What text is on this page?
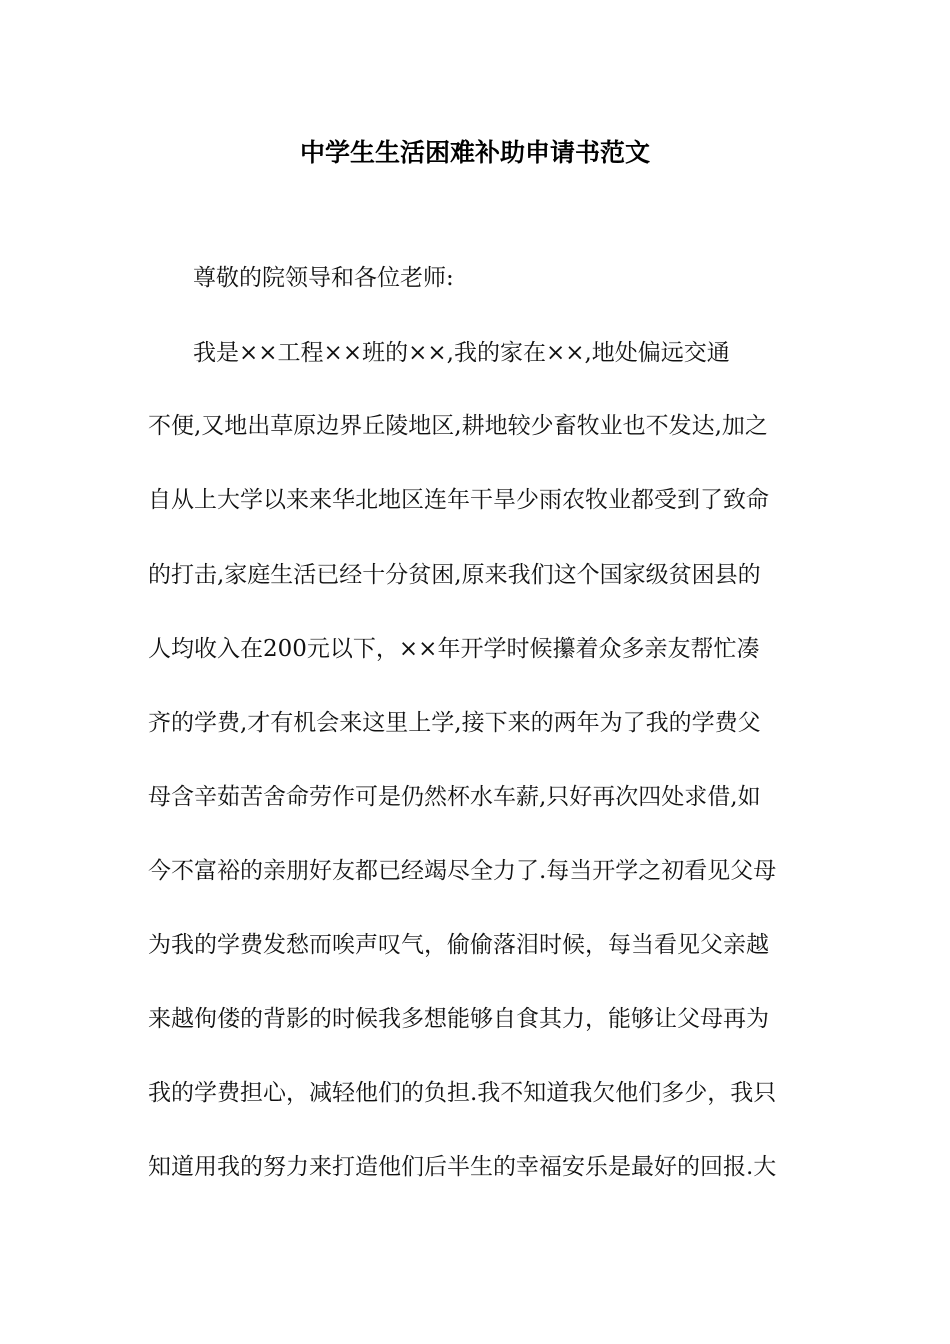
中学生生活困难补助申请书范文
尊敬的院领导和各位老师:
我是××工程××班的××,我的家在××,地处偏远交通
不便,又地出草原边界丘陵地区,耕地较少畜牧业也不发达,加之
自从上大学以来来华北地区连年干旱少雨农牧业都受到了致命
的打击,家庭生活已经十分贫困,原来我们这个国家级贫困县的
人均收入在200元以下，××年开学时候攥着众多亲友帮忙凑
齐的学费,才有机会来这里上学,接下来的两年为了我的学费父
母含辛茹苦舍命劳作可是仍然杯水车薪,只好再次四处求借,如
今不富裕的亲朋好友都已经竭尽全力了.每当开学之初看见父母
为我的学费发愁而唉声叹气，偷偷落泪时候，每当看见父亲越
来越佝偻的背影的时候我多想能够自食其力，能够让父母再为
我的学费担心，减轻他们的负担.我不知道我欠他们多少，我只
知道用我的努力来打造他们后半生的幸福安乐是最好的回报.大
